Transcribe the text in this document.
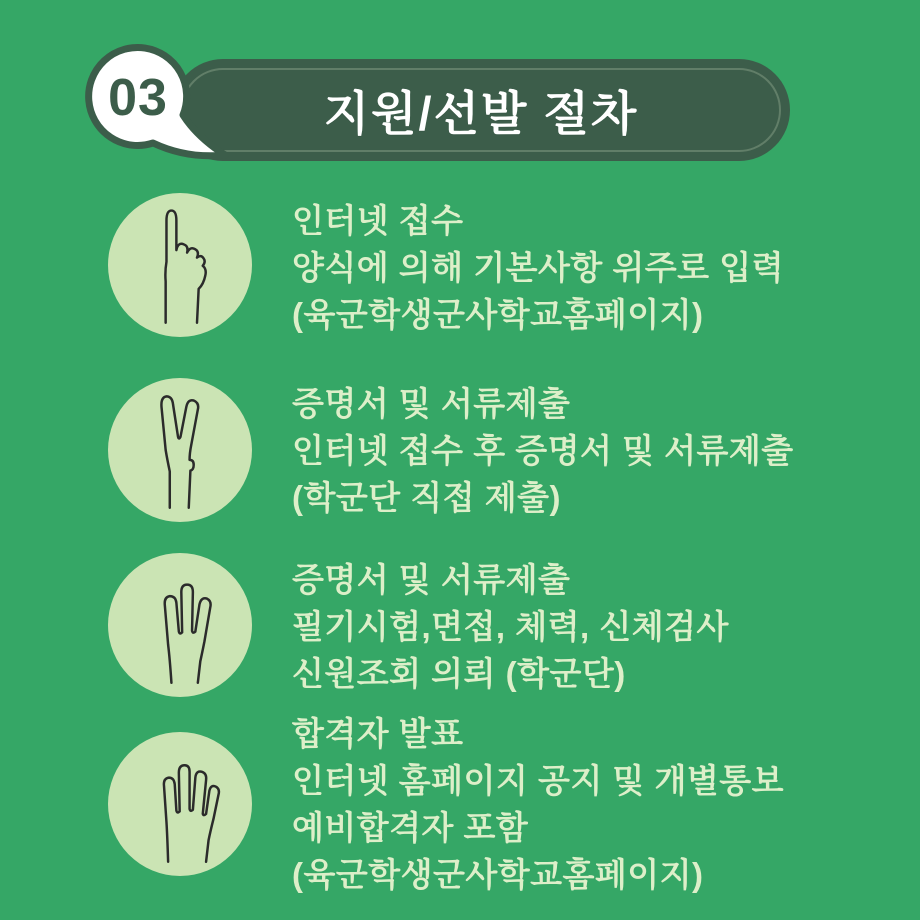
지원/선발 절차
03
인터넷 접수
양식에 의해 기본사항 위주로 입력
(육군학생군사학교홈페이지)
증명서 및 서류제출
인터넷 접수 후 증명서 및 서류제출
(학군단 직접 제출)
증명서 및 서류제출
필기시험,면접, 체력, 신체검사
신원조회 의뢰 (학군단)
합격자 발표
인터넷 홈페이지 공지 및 개별통보
예비합격자 포함
(육군학생군사학교홈페이지)
